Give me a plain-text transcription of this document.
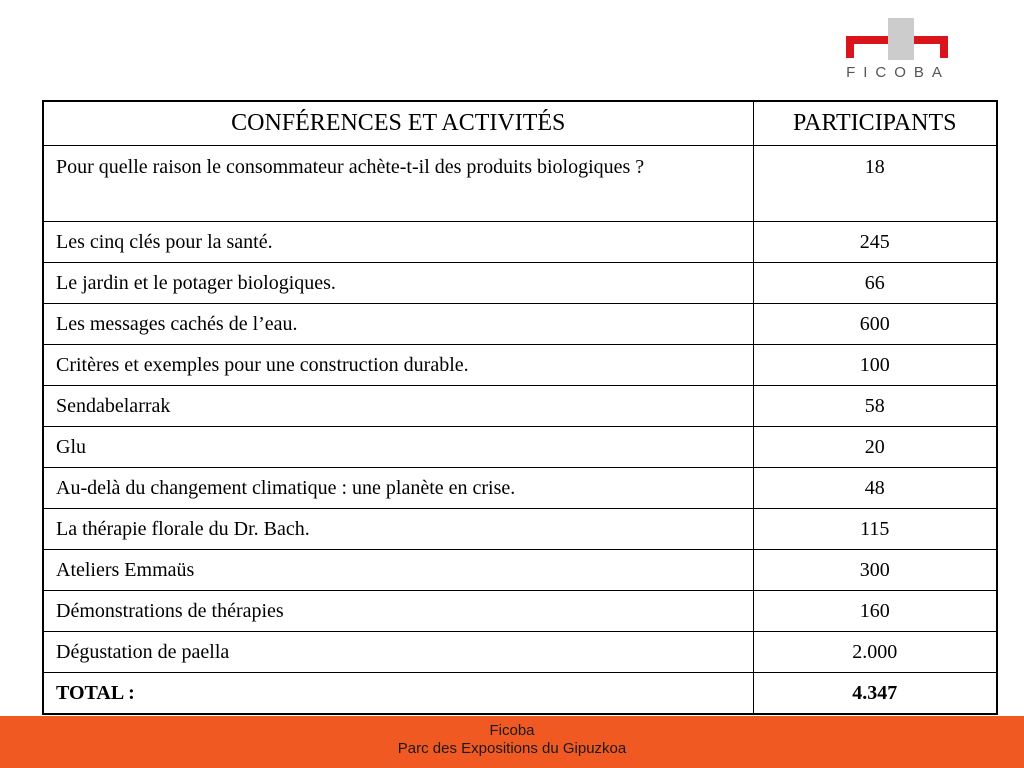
FICOBA
CONFÉRENCES ET ACTIVITÉS	PARTICIPANTS
Pour quelle raison le consommateur achète-t-il des produits biologiques ?	18
Les cinq clés pour la santé.	245
Le jardin et le potager biologiques.	66
Les messages cachés de l’eau.	600
Critères et exemples pour une construction durable.	100
Sendabelarrak	58
Glu	20
Au-delà du changement climatique : une planète en crise.	48
La thérapie florale du Dr. Bach.	115
Ateliers Emmaüs	300
Démonstrations de thérapies	160
Dégustation de paella	2.000
TOTAL :	4.347
Ficoba
Parc des Expositions du Gipuzkoa
